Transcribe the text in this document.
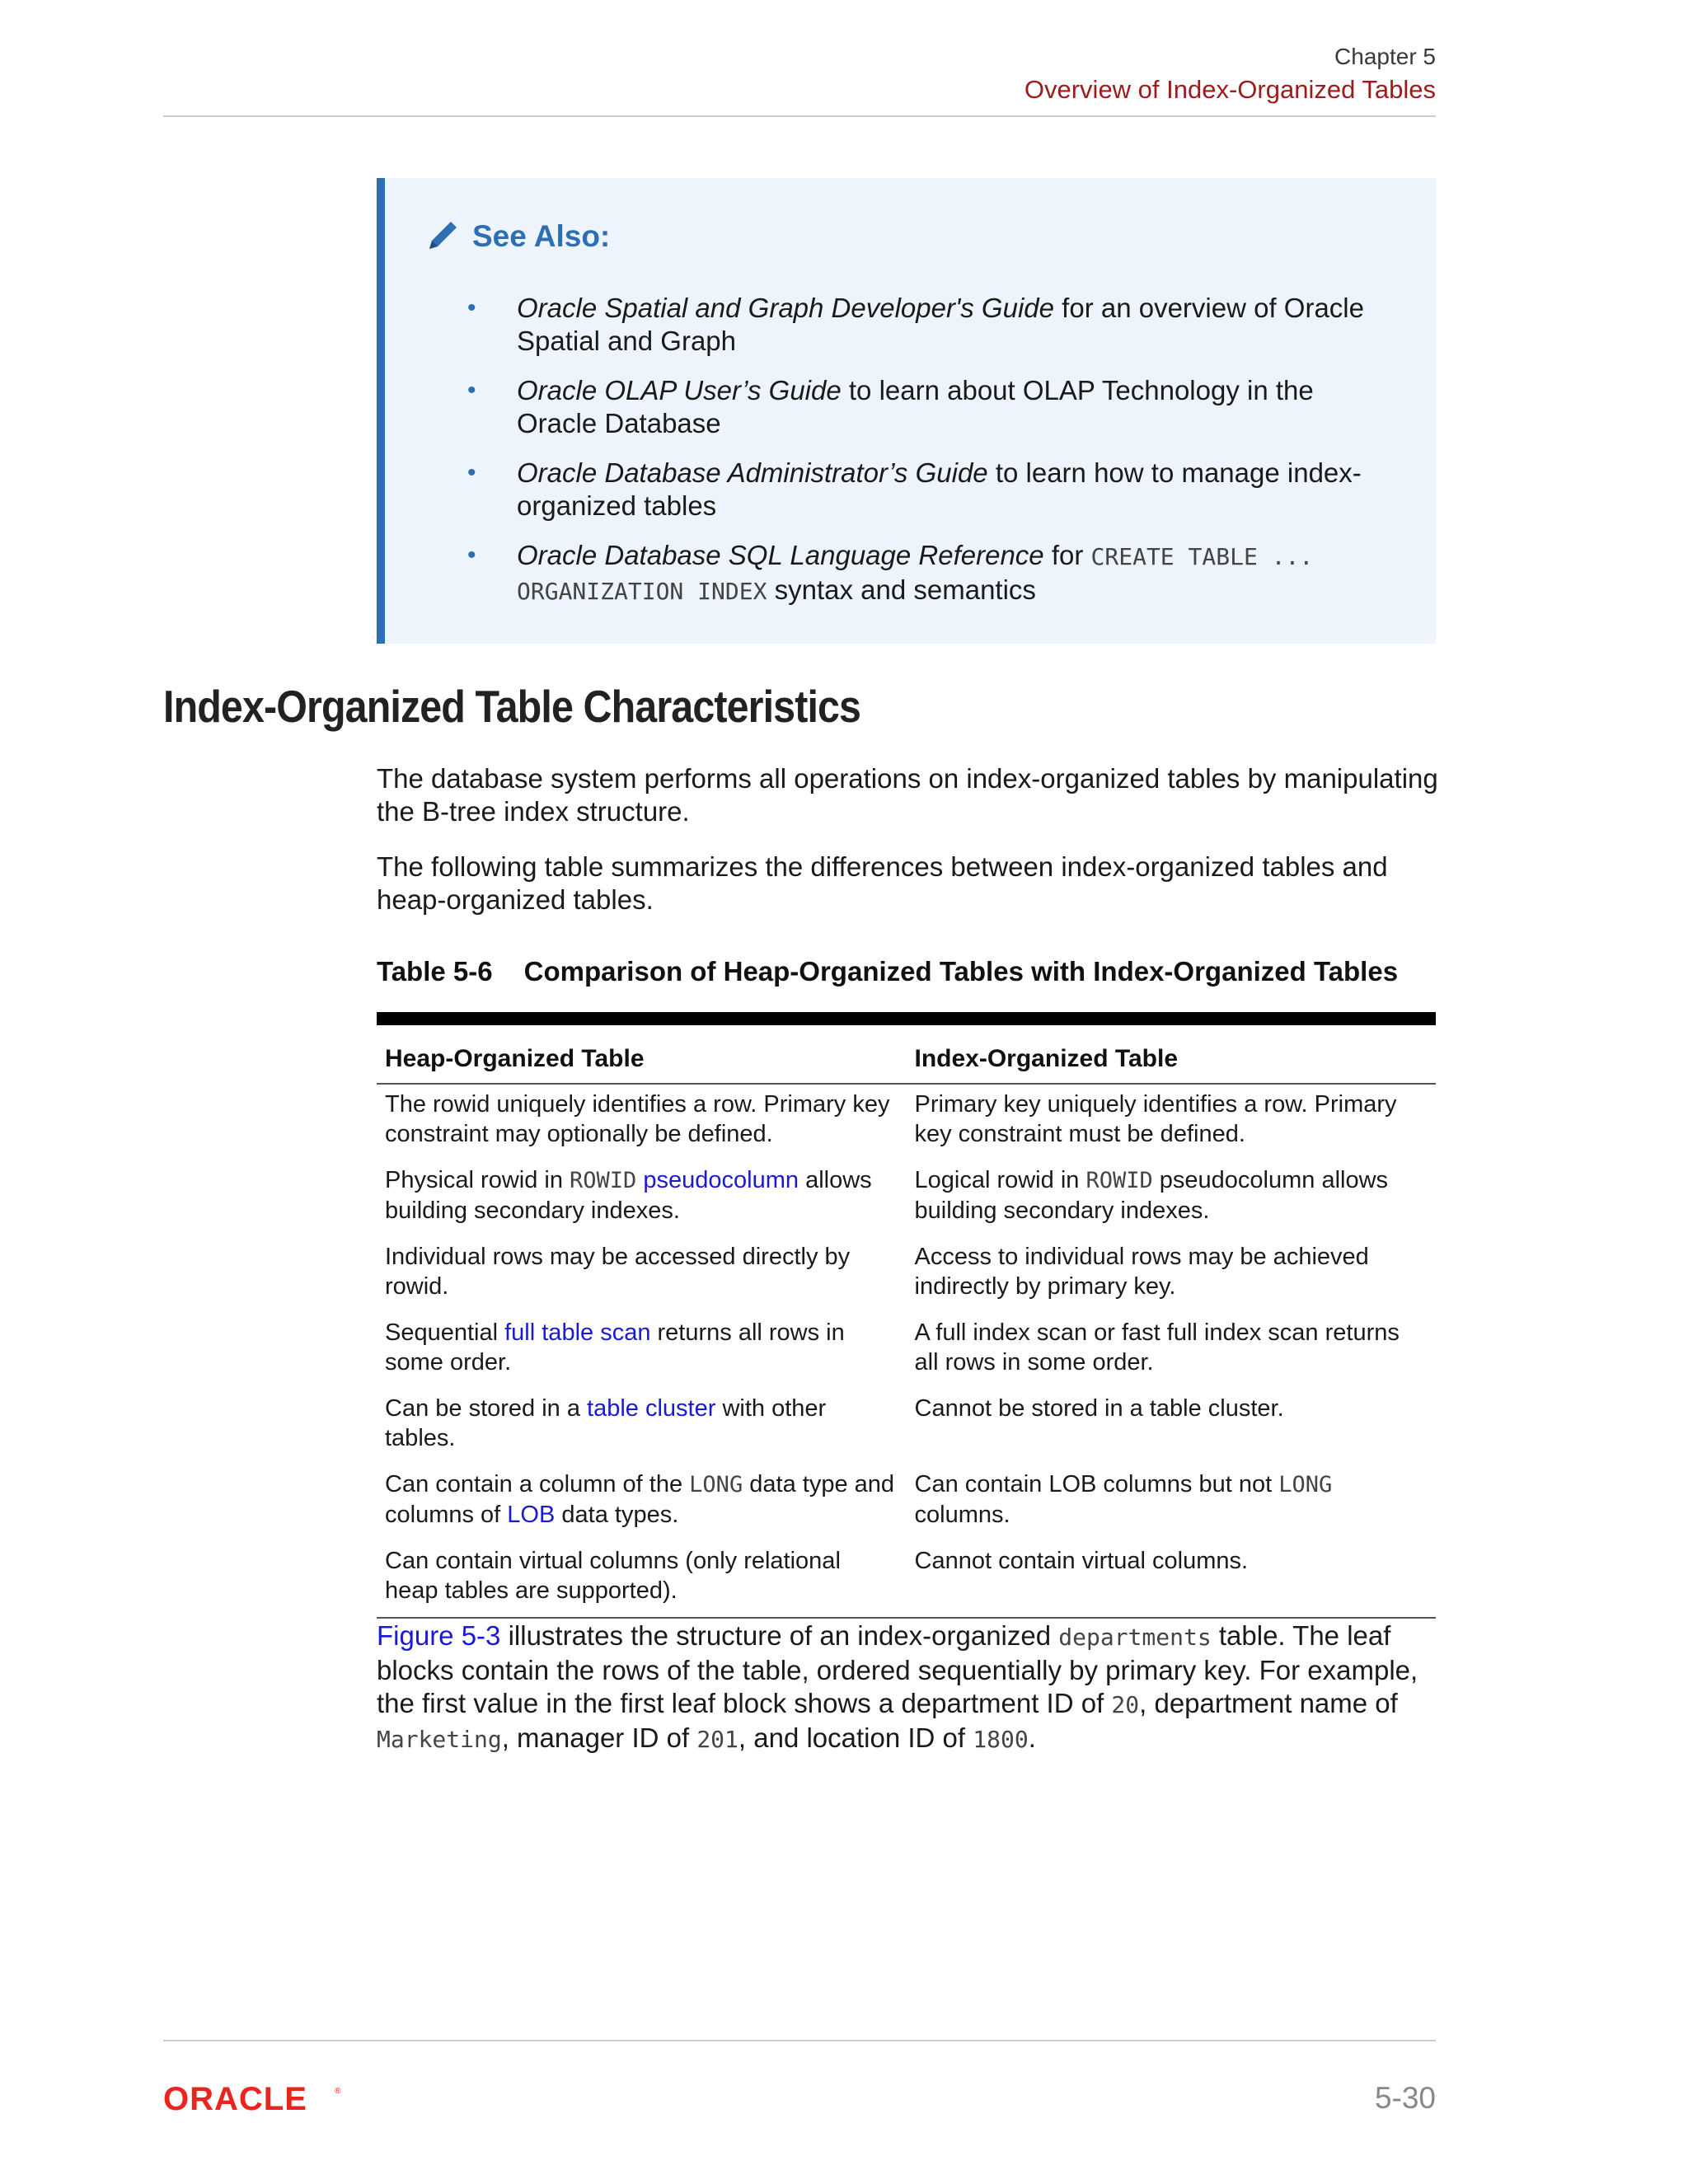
Chapter 5
Overview of Index-Organized Tables
See Also:
• Oracle Spatial and Graph Developer's Guide for an overview of Oracle Spatial and Graph
• Oracle OLAP User’s Guide to learn about OLAP Technology in the Oracle Database
• Oracle Database Administrator’s Guide to learn how to manage index-organized tables
• Oracle Database SQL Language Reference for CREATE TABLE ... ORGANIZATION INDEX syntax and semantics
Index-Organized Table Characteristics

The database system performs all operations on index-organized tables by manipulating the B-tree index structure.

The following table summarizes the differences between index-organized tables and heap-organized tables.

Table 5-6 Comparison of Heap-Organized Tables with Index-Organized Tables
Heap-Organized Table	Index-Organized Table
The rowid uniquely identifies a row. Primary key constraint may optionally be defined.	Primary key uniquely identifies a row. Primary key constraint must be defined.
Physical rowid in ROWID pseudocolumn allows building secondary indexes.	Logical rowid in ROWID pseudocolumn allows building secondary indexes.
Individual rows may be accessed directly by rowid.	Access to individual rows may be achieved indirectly by primary key.
Sequential full table scan returns all rows in some order.	A full index scan or fast full index scan returns all rows in some order.
Can be stored in a table cluster with other tables.	Cannot be stored in a table cluster.
Can contain a column of the LONG data type and columns of LOB data types.	Can contain LOB columns but not LONG columns.
Can contain virtual columns (only relational heap tables are supported).	Cannot contain virtual columns.

Figure 5-3 illustrates the structure of an index-organized departments table. The leaf blocks contain the rows of the table, ordered sequentially by primary key. For example, the first value in the first leaf block shows a department ID of 20, department name of Marketing, manager ID of 201, and location ID of 1800.

ORACLE	®	5-30
